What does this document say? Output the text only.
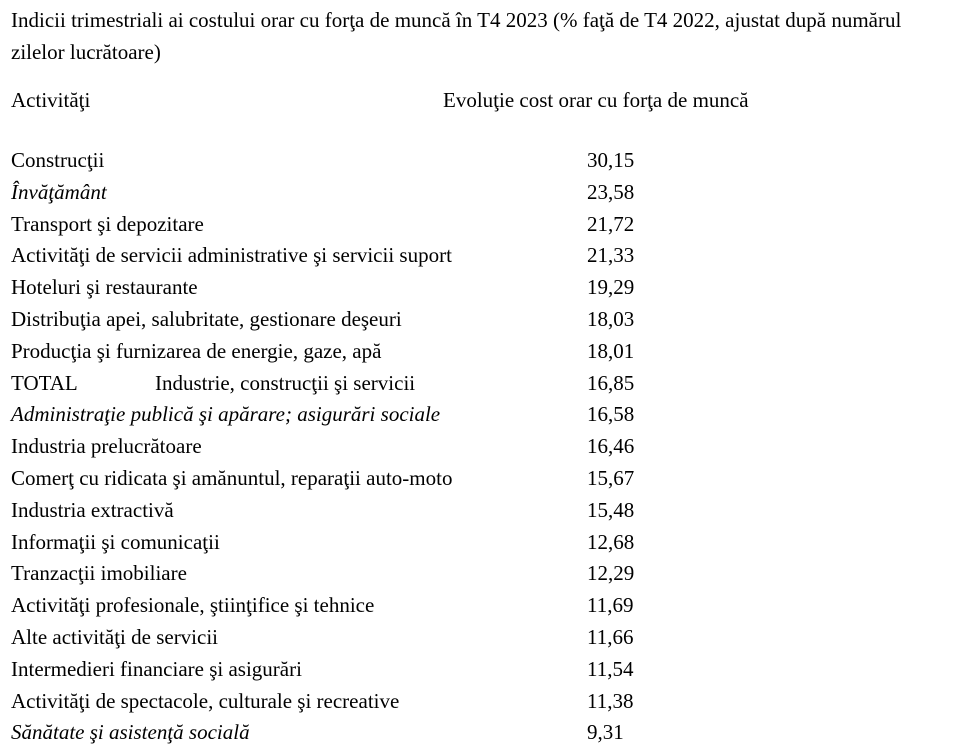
Indicii trimestriali ai costului orar cu forţa de muncă în T4 2023 (% faţă de T4 2022, ajustat după numărul zilelor lucrătoare)
Activităţi	Evoluţie cost orar cu forţa de muncă
Construcţii	30,15
Învăţământ	23,58
Transport şi depozitare	21,72
Activităţi de servicii administrative şi servicii suport	21,33
Hoteluri şi restaurante	19,29
Distribuţia apei, salubritate, gestionare deşeuri	18,03
Producţia şi furnizarea de energie, gaze, apă	18,01
TOTAL	Industrie, construcţii şi servicii	16,85
Administraţie publică şi apărare; asigurări sociale	16,58
Industria prelucrătoare	16,46
Comerţ cu ridicata şi amănuntul, reparaţii auto-moto	15,67
Industria extractivă	15,48
Informaţii şi comunicaţii	12,68
Tranzacţii imobiliare	12,29
Activităţi profesionale, ştiinţifice şi tehnice	11,69
Alte activităţi de servicii	11,66
Intermedieri financiare şi asigurări	11,54
Activităţi de spectacole, culturale şi recreative	11,38
Sănătate şi asistenţă socială	9,31
